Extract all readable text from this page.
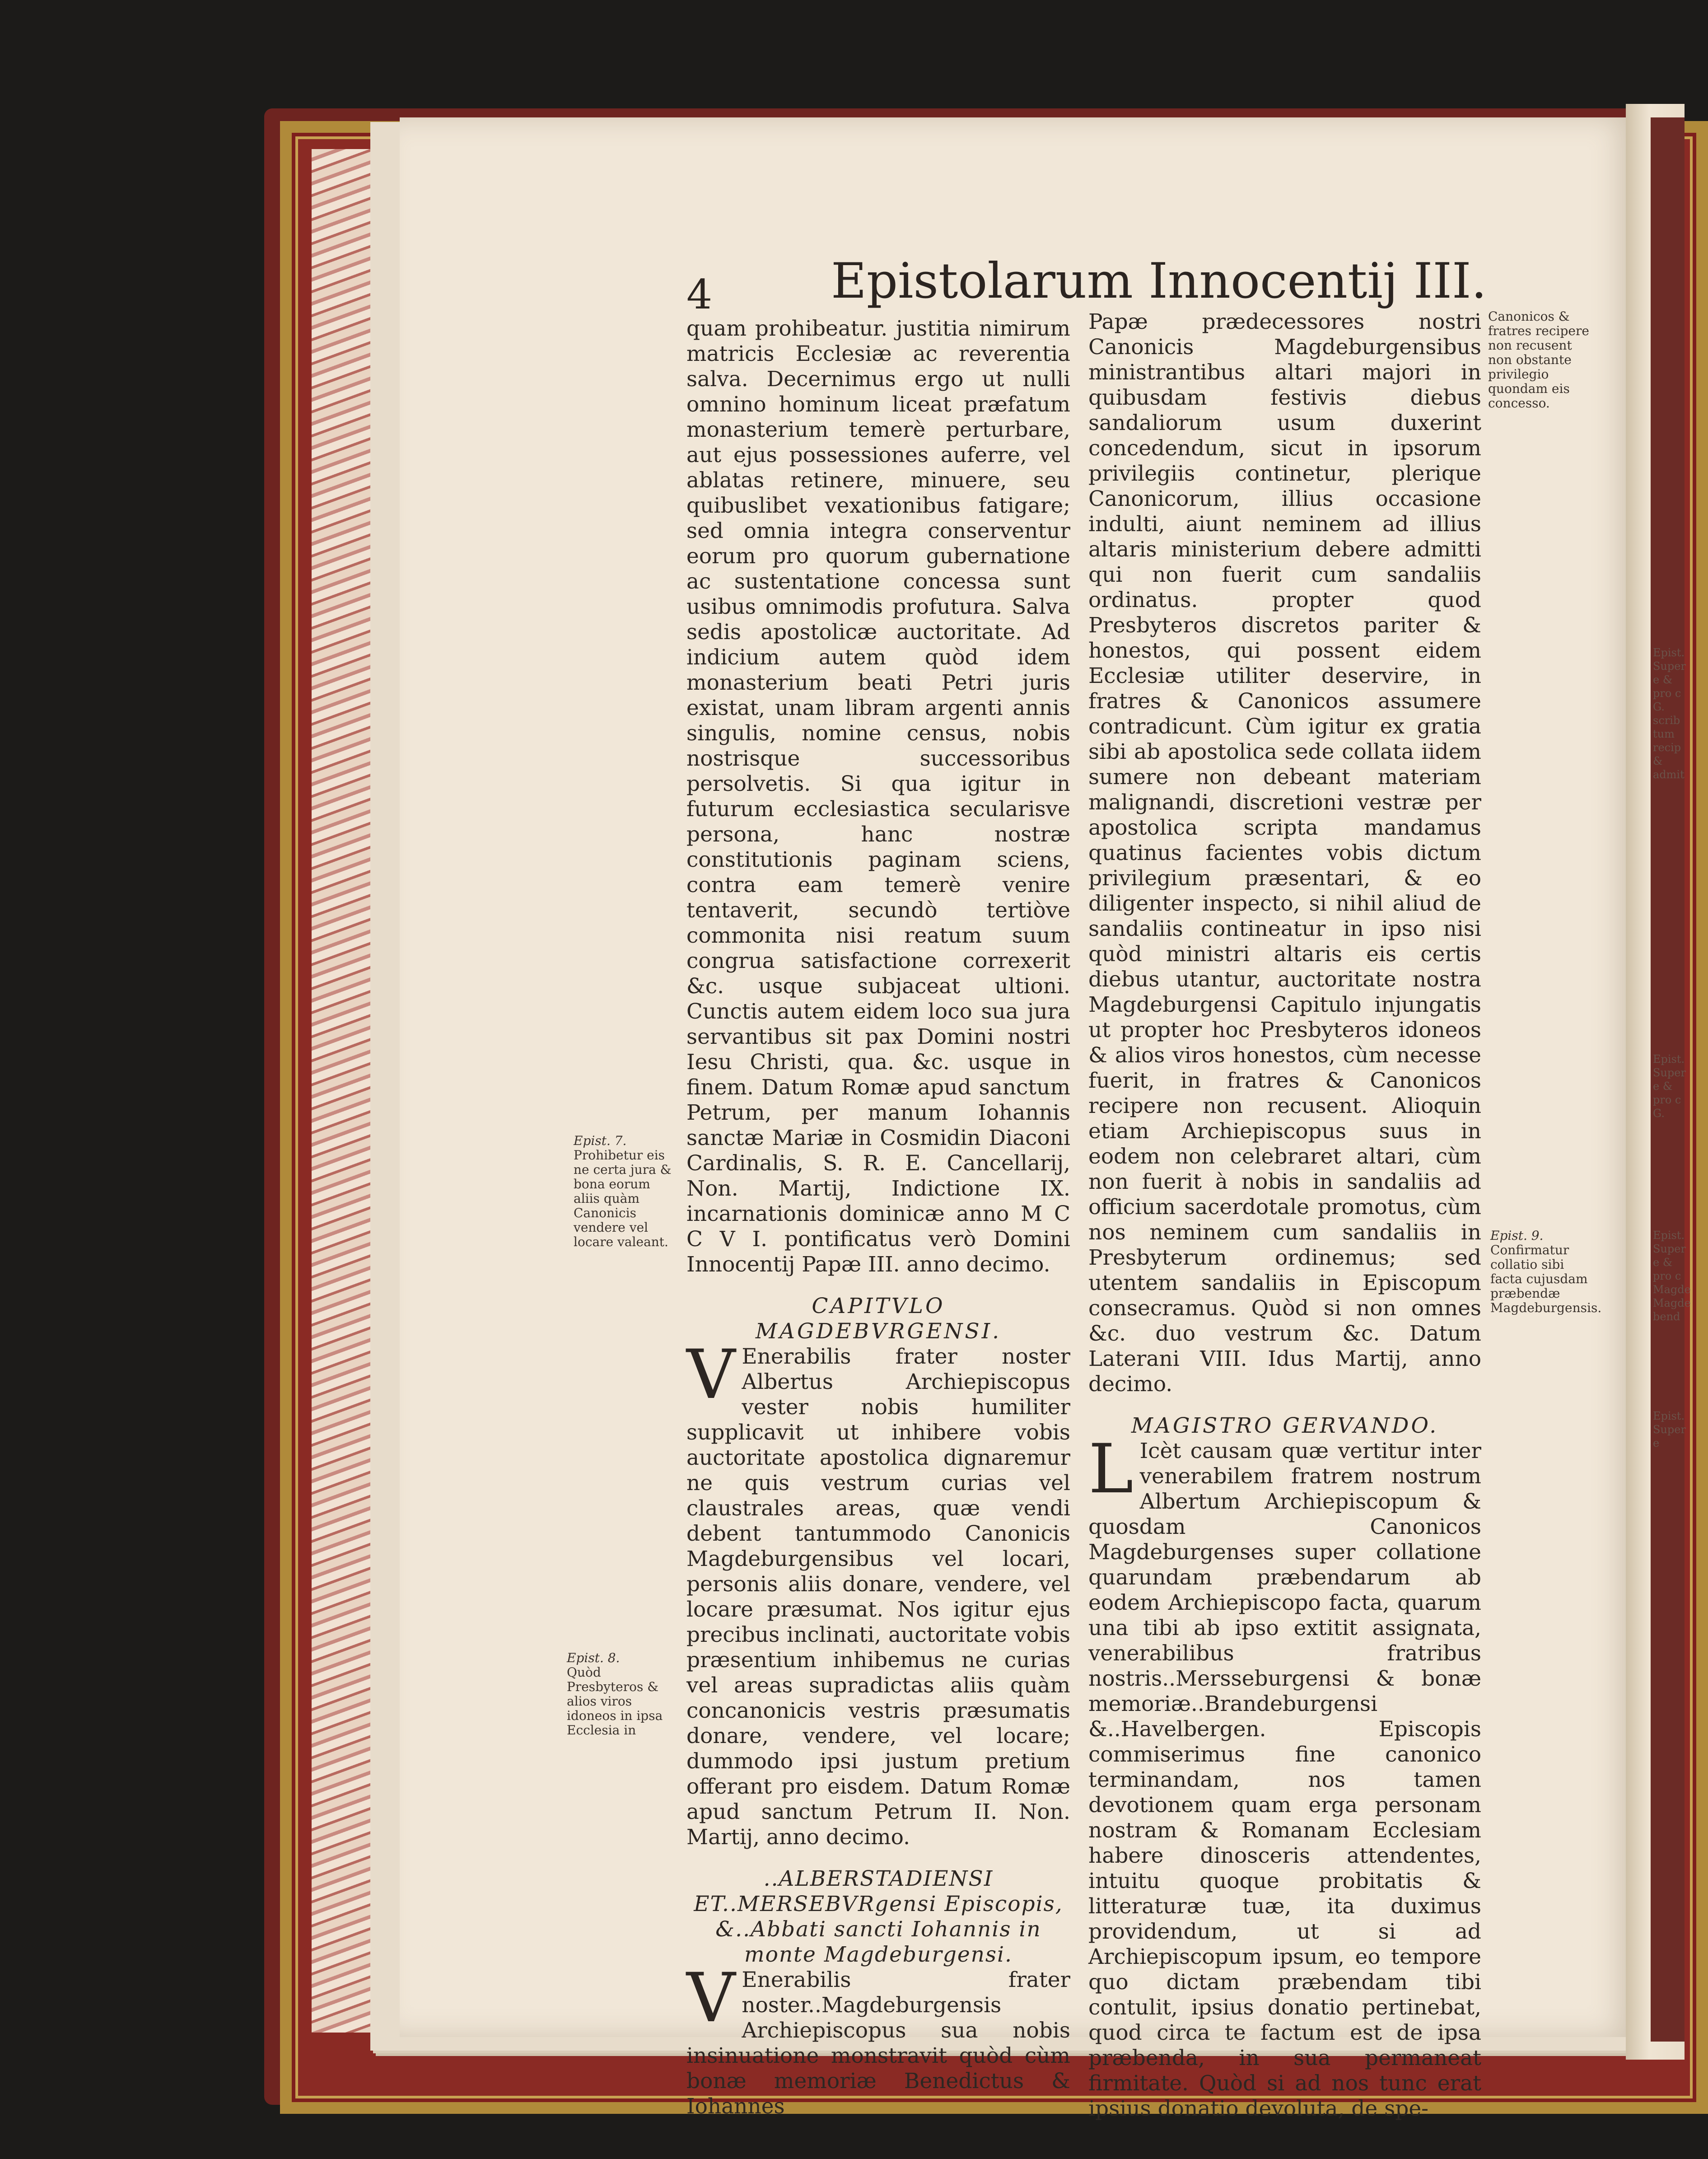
4 Epistolarum Innocentij III.

quam prohibeatur. justitia nimirum matricis Ecclesiæ ac reverentia salva. Decernimus ergo ut nulli omnino hominum liceat præfatum monasterium temerè perturbare, aut ejus possessiones auferre, vel ablatas retinere, minuere, seu quibuslibet vexationibus fatigare; sed omnia integra conserventur eorum pro quorum gubernatione ac sustentatione concessa sunt usibus omnimodis profutura. Salva sedis apostolicæ auctoritate. Ad indicium autem quòd idem monasterium beati Petri juris existat, unam libram argenti annis singulis, nomine census, nobis nostrisque successoribus persolvetis. Si qua igitur in futurum ecclesiastica secularisve persona, hanc nostræ constitutionis paginam sciens, contra eam temerè venire tentaverit, secundò tertiòve commonita nisi reatum suum congrua satisfactione correxerit &c. usque subjaceat ultioni. Cunctis autem eidem loco sua jura servantibus sit pax Domini nostri Iesu Christi, qua. &c. usque in finem. Datum Romæ apud sanctum Petrum, per manum Iohannis sanctæ Mariæ in Cosmidin Diaconi Cardinalis, S. R. E. Cancellarij, Non. Martij, Indictione IX. incarnationis dominicæ anno M C C V I. pontificatus verò Domini Innocentij Papæ III. anno decimo.

CAPITVLO MAGDEBVRGENSI.

V Enerabilis frater noster Albertus Archiepiscopus vester nobis humiliter supplicavit ut inhibere vobis auctoritate apostolica dignaremur ne quis vestrum curias vel claustrales areas, quæ vendi debent tantummodo Canonicis Magdeburgensibus vel locari, personis aliis donare, vendere, vel locare præsumat. Nos igitur ejus precibus inclinati, auctoritate vobis præsentium inhibemus ne curias vel areas supradictas aliis quàm concanonicis vestris præsumatis donare, vendere, vel locare; dummodo ipsi justum pretium offerant pro eisdem. Datum Romæ apud sanctum Petrum II. Non. Martij, anno decimo.

..ALBERSTADIENSI ET..MERSEBVRgensi Episcopis, &..Abbati sancti Iohannis in monte Magdeburgensi.

V Enerabilis frater noster..Magdeburgensis Archiepiscopus sua nobis insinuatione monstravit quòd cùm bonæ memoriæ Benedictus & Iohannes

Papæ prædecessores nostri Canonicis Magdeburgensibus ministrantibus altari majori in quibusdam festivis diebus sandaliorum usum duxerint concedendum, sicut in ipsorum privilegiis continetur, plerique Canonicorum, illius occasione indulti, aiunt neminem ad illius altaris ministerium debere admitti qui non fuerit cum sandaliis ordinatus. propter quod Presbyteros discretos pariter & honestos, qui possent eidem Ecclesiæ utiliter deservire, in fratres & Canonicos assumere contradicunt. Cùm igitur ex gratia sibi ab apostolica sede collata iidem sumere non debeant materiam malignandi, discretioni vestræ per apostolica scripta mandamus quatinus facientes vobis dictum privilegium præsentari, & eo diligenter inspecto, si nihil aliud de sandaliis contineatur in ipso nisi quòd ministri altaris eis certis diebus utantur, auctoritate nostra Magdeburgensi Capitulo injungatis ut propter hoc Presbyteros idoneos & alios viros honestos, cùm necesse fuerit, in fratres & Canonicos recipere non recusent. Alioquin etiam Archiepiscopus suus in eodem non celebraret altari, cùm non fuerit à nobis in sandaliis ad officium sacerdotale promotus, cùm nos neminem cum sandaliis in Presbyterum ordinemus; sed utentem sandaliis in Episcopum consecramus. Quòd si non omnes &c. duo vestrum &c. Datum Laterani VIII. Idus Martij, anno decimo.

MAGISTRO GERVANDO.

L Icèt causam quæ vertitur inter venerabilem fratrem nostrum Albertum Archiepiscopum & quosdam Canonicos Magdeburgenses super collatione quarundam præbendarum ab eodem Archiepiscopo facta, quarum una tibi ab ipso extitit assignata, venerabilibus fratribus nostris..Mersseburgensi & bonæ memoriæ..Brandeburgensi &..Havelbergen. Episcopis commiserimus fine canonico terminandam, nos tamen devotionem quam erga personam nostram & Romanam Ecclesiam habere dinosceris attendentes, intuitu quoque probitatis & litteraturæ tuæ, ita duximus providendum, ut si ad Archiepiscopum ipsum, eo tempore quo dictam præbendam tibi contulit, ipsius donatio pertinebat, quod circa te factum est de ipsa præbenda, in sua permaneat firmitate. Quòd si ad nos tunc erat ipsius donatio devoluta, de spe-

Epist. 7.
Prohibetur eis ne certa jura & bona eorum aliis quàm Canonicis vendere vel locare valeant.
Epist. 8.
Quòd Presbyteros & alios viros idoneos in ipsa Ecclesia in
Canonicos & fratres recipere non recusent non obstante privilegio quondam eis concesso.
Epist. 9.
Confirmatur collatio sibi facta cujusdam præbendæ Magdeburgensis.
Epist. Super e & pro c G. scrib tum recip & admit
Epist. Super e & pro c G.
Epist. Super e & pro c Magde Magde bend
Epist. Super e
